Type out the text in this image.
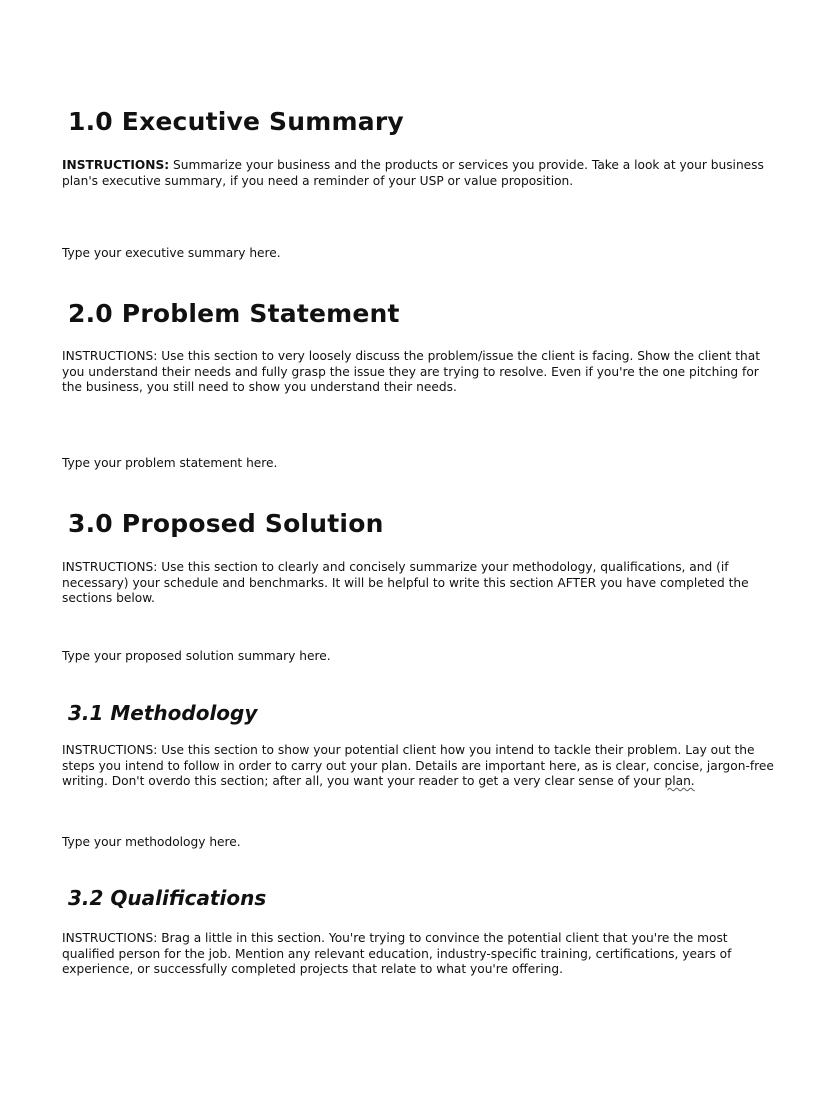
1.0 Executive Summary

INSTRUCTIONS: Summarize your business and the products or services you provide. Take a look at your business plan's executive summary, if you need a reminder of your USP or value proposition.

Type your executive summary here.

2.0 Problem Statement

INSTRUCTIONS: Use this section to very loosely discuss the problem/issue the client is facing. Show the client that you understand their needs and fully grasp the issue they are trying to resolve. Even if you're the one pitching for the business, you still need to show you understand their needs.

Type your problem statement here.

3.0 Proposed Solution

INSTRUCTIONS: Use this section to clearly and concisely summarize your methodology, qualifications, and (if necessary) your schedule and benchmarks. It will be helpful to write this section AFTER you have completed the sections below.

Type your proposed solution summary here.

3.1 Methodology

INSTRUCTIONS: Use this section to show your potential client how you intend to tackle their problem. Lay out the steps you intend to follow in order to carry out your plan. Details are important here, as is clear, concise, jargon-free writing. Don't overdo this section; after all, you want your reader to get a very clear sense of your plan.

Type your methodology here.

3.2 Qualifications

INSTRUCTIONS: Brag a little in this section. You're trying to convince the potential client that you're the most qualified person for the job. Mention any relevant education, industry-specific training, certifications, years of experience, or successfully completed projects that relate to what you're offering.
